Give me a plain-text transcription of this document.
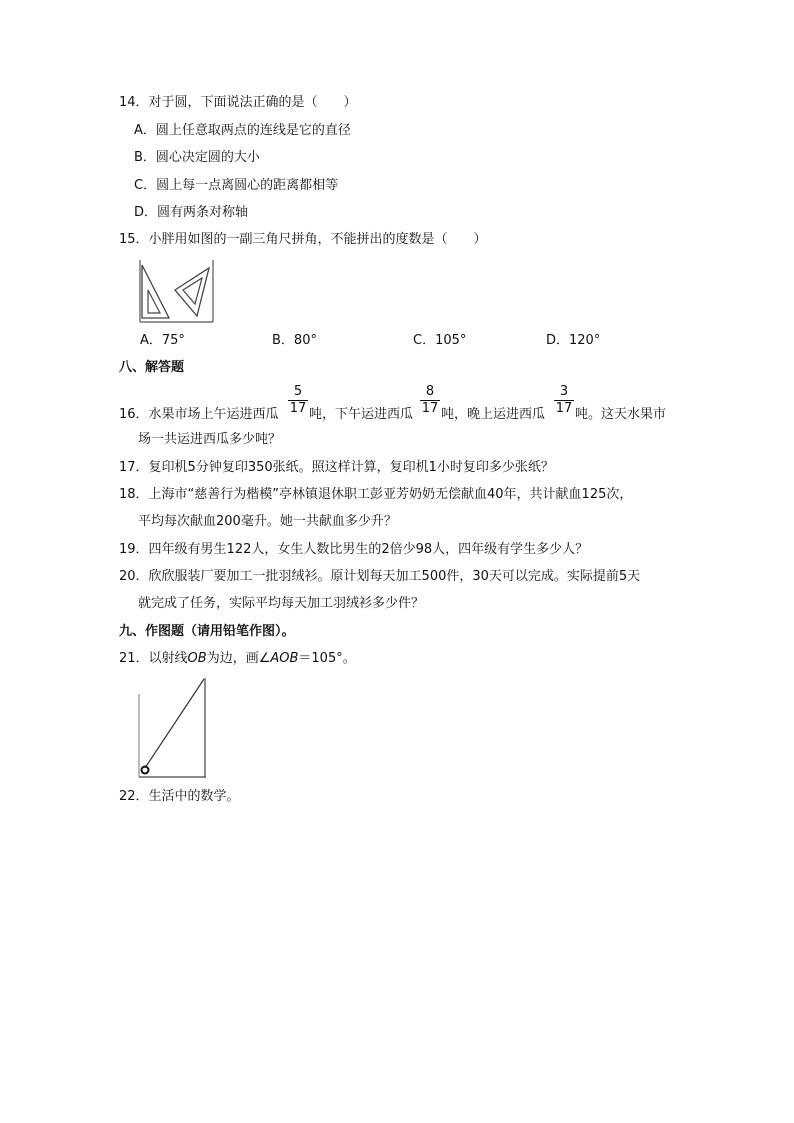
14．对于圆，下面说法正确的是（　　）
A．圆上任意取两点的连线是它的直径
B．圆心决定圆的大小
C．圆上每一点离圆心的距离都相等
D．圆有两条对称轴
15．小胖用如图的一副三角尺拼角，不能拼出的度数是（　　）
A．75°	B．80°	C．105°	D．120°
八、解答题
5
17
8
17
3
17
16．水果市场上午运进西瓜 吨，下午运进西瓜 吨，晚上运进西瓜 吨。这天水果市
场一共运进西瓜多少吨？
17．复印机5分钟复印350张纸。照这样计算，复印机1小时复印多少张纸？
18．上海市“慈善行为楷模”亭林镇退休职工彭亚芳奶奶无偿献血40年，共计献血125次，
平均每次献血200毫升。她一共献血多少升？
19．四年级有男生122人，女生人数比男生的2倍少98人，四年级有学生多少人？
20．欣欣服装厂要加工一批羽绒衫。原计划每天加工500件，30天可以完成。实际提前5天
就完成了任务，实际平均每天加工羽绒衫多少件？
九、作图题（请用铅笔作图）。
21．以射线OB为边，画∠AOB＝105°。
22．生活中的数学。
